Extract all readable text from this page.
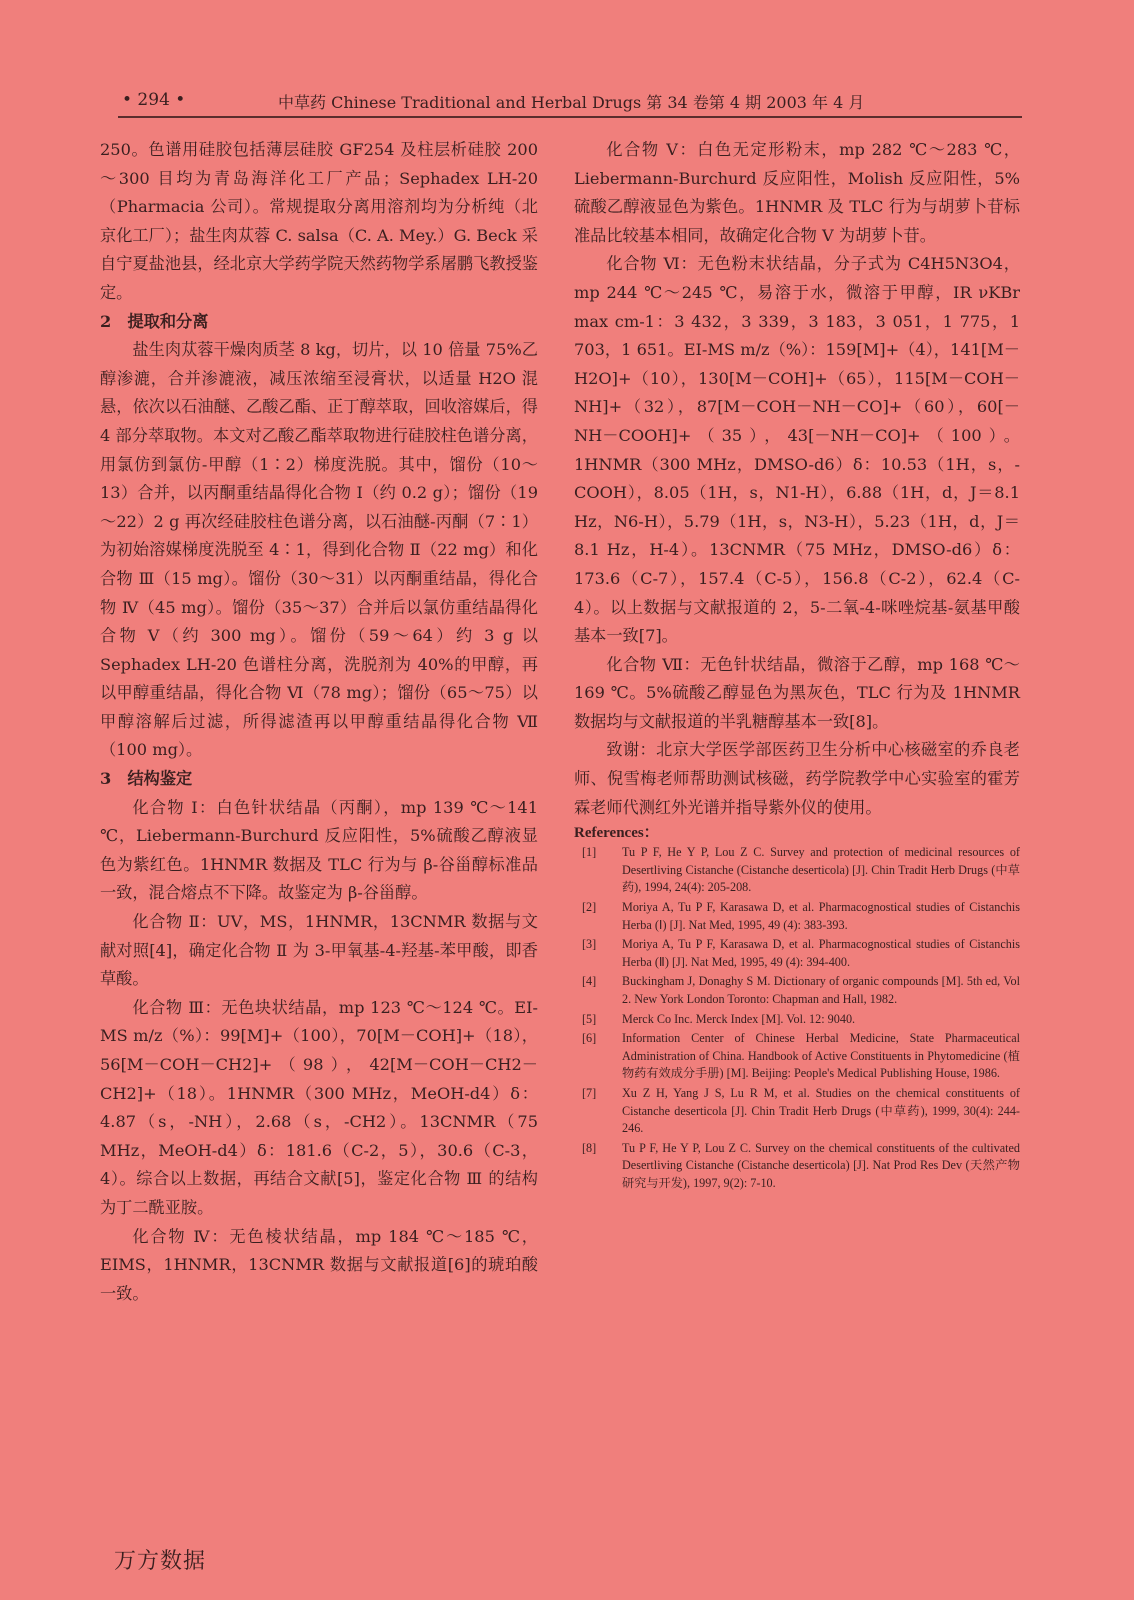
• 294 •	中草药 Chinese Traditional and Herbal Drugs 第 34 卷第 4 期 2003 年 4 月

250。色谱用硅胶包括薄层硅胶 GF254 及柱层析硅胶 200～300 目均为青岛海洋化工厂产品；Sephadex LH-20（Pharmacia 公司）。常规提取分离用溶剂均为分析纯（北京化工厂）；盐生肉苁蓉 C. salsa（C. A. Mey.）G. Beck 采自宁夏盐池县，经北京大学药学院天然药物学系屠鹏飞教授鉴定。

2　提取和分离

盐生肉苁蓉干燥肉质茎 8 kg，切片，以 10 倍量 75%乙醇渗漉，合并渗漉液，减压浓缩至浸膏状，以适量 H2O 混悬，依次以石油醚、乙酸乙酯、正丁醇萃取，回收溶媒后，得 4 部分萃取物。本文对乙酸乙酯萃取物进行硅胶柱色谱分离，用氯仿到氯仿-甲醇（1∶2）梯度洗脱。其中，馏份（10～13）合并，以丙酮重结晶得化合物 Ⅰ（约 0.2 g）；馏份（19～22）2 g 再次经硅胶柱色谱分离，以石油醚-丙酮（7∶1）为初始溶媒梯度洗脱至 4∶1，得到化合物 Ⅱ（22 mg）和化合物 Ⅲ（15 mg）。馏份（30～31）以丙酮重结晶，得化合物 Ⅳ（45 mg）。馏份（35～37）合并后以氯仿重结晶得化合物 Ⅴ（约 300 mg）。馏份（59～64）约 3 g 以 Sephadex LH-20 色谱柱分离，洗脱剂为 40%的甲醇，再以甲醇重结晶，得化合物 Ⅵ（78 mg）；馏份（65～75）以甲醇溶解后过滤，所得滤渣再以甲醇重结晶得化合物 Ⅶ（100 mg）。

3　结构鉴定

化合物 Ⅰ：白色针状结晶（丙酮），mp 139 ℃～141 ℃，Liebermann-Burchurd 反应阳性，5%硫酸乙醇液显色为紫红色。1HNMR 数据及 TLC 行为与 β-谷甾醇标准品一致，混合熔点不下降。故鉴定为 β-谷甾醇。

化合物 Ⅱ：UV，MS，1HNMR，13CNMR 数据与文献对照[4]，确定化合物 Ⅱ 为 3-甲氧基-4-羟基-苯甲酸，即香草酸。

化合物 Ⅲ：无色块状结晶，mp 123 ℃～124 ℃。EI-MS m/z（%）：99[M]+（100），70[M－COH]+（18），56[M－COH－CH2]+（98），42[M－COH－CH2－CH2]+（18）。1HNMR（300 MHz，MeOH-d4）δ：4.87（s，-NH），2.68（s，-CH2）。13CNMR（75 MHz，MeOH-d4）δ：181.6（C-2，5），30.6（C-3，4）。综合以上数据，再结合文献[5]，鉴定化合物 Ⅲ 的结构为丁二酰亚胺。

化合物 Ⅳ：无色棱状结晶，mp 184 ℃～185 ℃，EIMS，1HNMR，13CNMR 数据与文献报道[6]的琥珀酸一致。

化合物 Ⅴ：白色无定形粉末，mp 282 ℃～283 ℃，Liebermann-Burchurd 反应阳性，Molish 反应阳性，5%硫酸乙醇液显色为紫色。1HNMR 及 TLC 行为与胡萝卜苷标准品比较基本相同，故确定化合物 Ⅴ 为胡萝卜苷。

化合物 Ⅵ：无色粉末状结晶，分子式为 C4H5N3O4，mp 244 ℃～245 ℃，易溶于水，微溶于甲醇，IR νKBr max cm-1：3 432，3 339，3 183，3 051，1 775，1 703，1 651。EI-MS m/z（%）：159[M]+（4），141[M－H2O]+（10），130[M－COH]+（65），115[M－COH－NH]+（32），87[M－COH－NH－CO]+（60），60[－NH－COOH]+（35），43[－NH－CO]+（100）。1HNMR（300 MHz，DMSO-d6）δ：10.53（1H，s，-COOH），8.05（1H，s，N1-H），6.88（1H，d，J＝8.1 Hz，N6-H），5.79（1H，s，N3-H），5.23（1H，d，J＝8.1 Hz，H-4）。13CNMR（75 MHz，DMSO-d6）δ：173.6（C-7），157.4（C-5），156.8（C-2），62.4（C-4）。以上数据与文献报道的 2，5-二氧-4-咪唑烷基-氨基甲酸基本一致[7]。

化合物 Ⅶ：无色针状结晶，微溶于乙醇，mp 168 ℃～169 ℃。5%硫酸乙醇显色为黑灰色，TLC 行为及 1HNMR 数据均与文献报道的半乳糖醇基本一致[8]。

致谢：北京大学医学部医药卫生分析中心核磁室的乔良老师、倪雪梅老师帮助测试核磁，药学院教学中心实验室的霍芳霖老师代测红外光谱并指导紫外仪的使用。

References：

[1] Tu P F, He Y P, Lou Z C. Survey and protection of medicinal resources of Desertliving Cistanche (Cistanche deserticola) [J]. Chin Tradit Herb Drugs (中草药), 1994, 24(4): 205-208.
[2] Moriya A, Tu P F, Karasawa D, et al. Pharmacognostical studies of Cistanchis Herba (Ⅰ) [J]. Nat Med, 1995, 49 (4): 383-393.
[3] Moriya A, Tu P F, Karasawa D, et al. Pharmacognostical studies of Cistanchis Herba (Ⅱ) [J]. Nat Med, 1995, 49 (4): 394-400.
[4] Buckingham J, Donaghy S M. Dictionary of organic compounds [M]. 5th ed, Vol 2. New York London Toronto: Chapman and Hall, 1982.
[5] Merck Co Inc. Merck Index [M]. Vol. 12: 9040.
[6] Information Center of Chinese Herbal Medicine, State Pharmaceutical Administration of China. Handbook of Active Constituents in Phytomedicine (植物药有效成分手册) [M]. Beijing: People's Medical Publishing House, 1986.
[7] Xu Z H, Yang J S, Lu R M, et al. Studies on the chemical constituents of Cistanche deserticola [J]. Chin Tradit Herb Drugs (中草药), 1999, 30(4): 244-246.
[8] Tu P F, He Y P, Lou Z C. Survey on the chemical constituents of the cultivated Desertliving Cistanche (Cistanche deserticola) [J]. Nat Prod Res Dev (天然产物研究与开发), 1997, 9(2): 7-10.
万方数据
